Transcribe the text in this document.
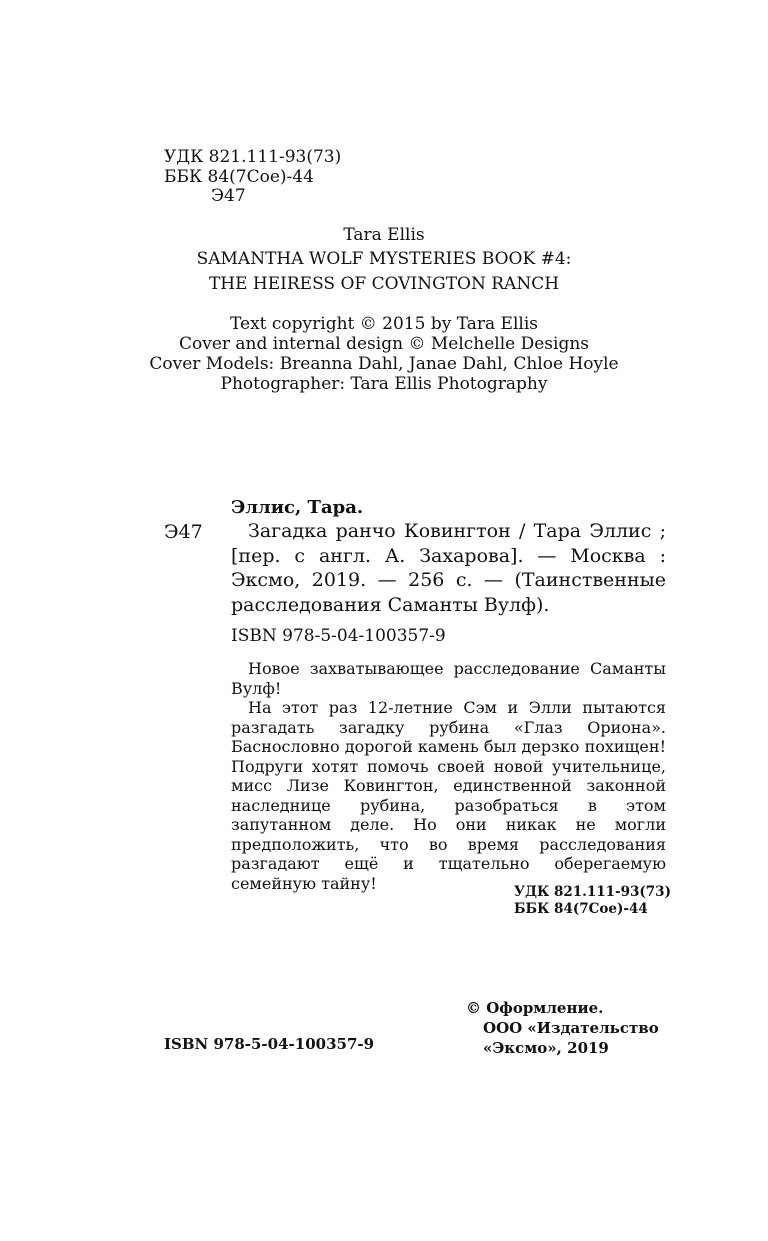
УДК 821.111-93(73)
ББК 84(7Сое)-44
Э47
Tara Ellis
SAMANTHA WOLF MYSTERIES BOOK #4:
THE HEIRESS OF COVINGTON RANCH
Text copyright © 2015 by Tara Ellis
Cover and internal design © Melchelle Designs
Cover Models: Breanna Dahl, Janae Dahl, Chloe Hoyle
Photographer: Tara Ellis Photography
Эллис, Тара.
Э47	Загадка ранчо Ковингтон / Тара Эллис ; [пер. с англ. А. Захарова]. — Москва : Эксмо, 2019. — 256 с. — (Таинственные расследования Саманты Вулф).
ISBN 978-5-04-100357-9

Новое захватывающее расследование Саманты Вулф!

На этот раз 12-летние Сэм и Элли пытаются разгадать загадку рубина «Глаз Ориона». Баснословно дорогой камень был дерзко похищен! Подруги хотят помочь своей новой учительнице, мисс Лизе Ковингтон, единственной законной наследнице рубина, разобраться в этом запутанном деле. Но они никак не могли предположить, что во время расследования разгадают ещё и тщательно оберегаемую семейную тайну!	УДК 821.111-93(73)
ББК 84(7Сое)-44
ISBN 978-5-04-100357-9
© Оформление.
ООО «Издательство
«Эксмо», 2019
